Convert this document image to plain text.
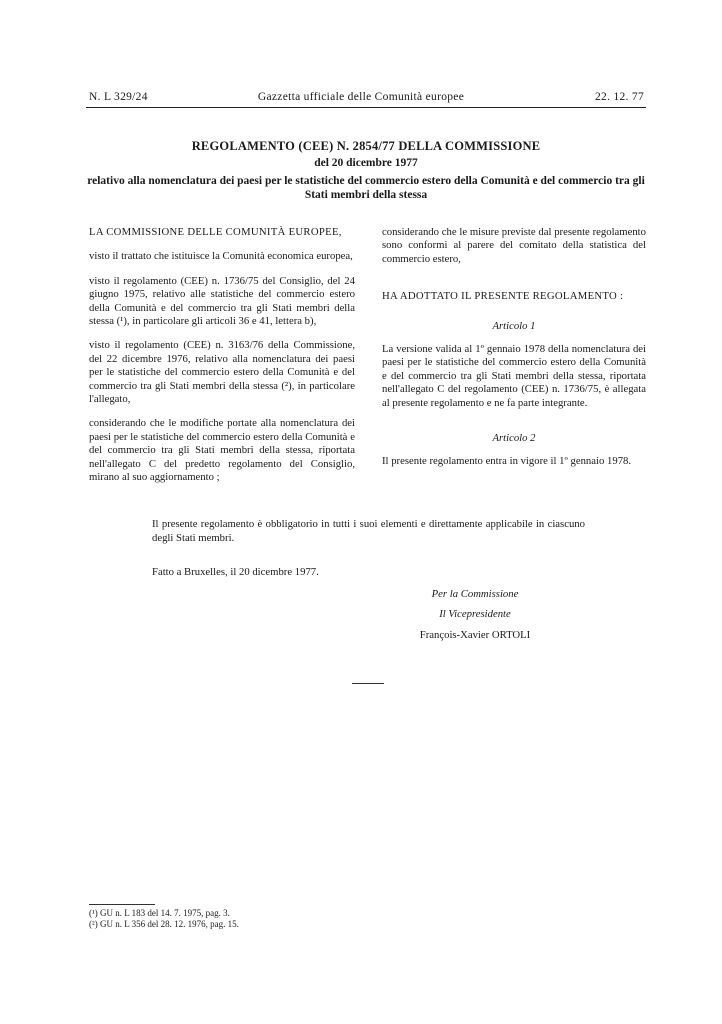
N. L 329/24	Gazzetta ufficiale delle Comunità europee	22. 12. 77
REGOLAMENTO (CEE) N. 2854/77 DELLA COMMISSIONE
del 20 dicembre 1977
relativo alla nomenclatura dei paesi per le statistiche del commercio estero della Comunità e del commercio tra gli Stati membri della stessa

LA COMMISSIONE DELLE COMUNITÀ EUROPEE,

visto il trattato che istituisce la Comunità economica europea,

visto il regolamento (CEE) n. 1736/75 del Consiglio, del 24 giugno 1975, relativo alle statistiche del commercio estero della Comunità e del commercio tra gli Stati membri della stessa (¹), in particolare gli articoli 36 e 41, lettera b),

visto il regolamento (CEE) n. 3163/76 della Commissione, del 22 dicembre 1976, relativo alla nomenclatura dei paesi per le statistiche del commercio estero della Comunità e del commercio tra gli Stati membri della stessa (²), in particolare l'allegato,

considerando che le modifiche portate alla nomenclatura dei paesi per le statistiche del commercio estero della Comunità e del commercio tra gli Stati membri della stessa, riportata nell'allegato C del predetto regolamento del Consiglio, mirano al suo aggiornamento ;

considerando che le misure previste dal presente regolamento sono conformi al parere del comitato della statistica del commercio estero,

HA ADOTTATO IL PRESENTE REGOLAMENTO :

Articolo 1

La versione valida al 1º gennaio 1978 della nomenclatura dei paesi per le statistiche del commercio estero della Comunità e del commercio tra gli Stati membri della stessa, riportata nell'allegato C del regolamento (CEE) n. 1736/75, è allegata al presente regolamento e ne fa parte integrante.

Articolo 2

Il presente regolamento entra in vigore il 1º gennaio 1978.

Il presente regolamento è obbligatorio in tutti i suoi elementi e direttamente applicabile in ciascuno degli Stati membri.
Fatto a Bruxelles, il 20 dicembre 1977.
Per la Commissione
Il Vicepresidente
François-Xavier ORTOLI
(¹) GU n. L 183 del 14. 7. 1975, pag. 3.
(²) GU n. L 356 del 28. 12. 1976, pag. 15.
